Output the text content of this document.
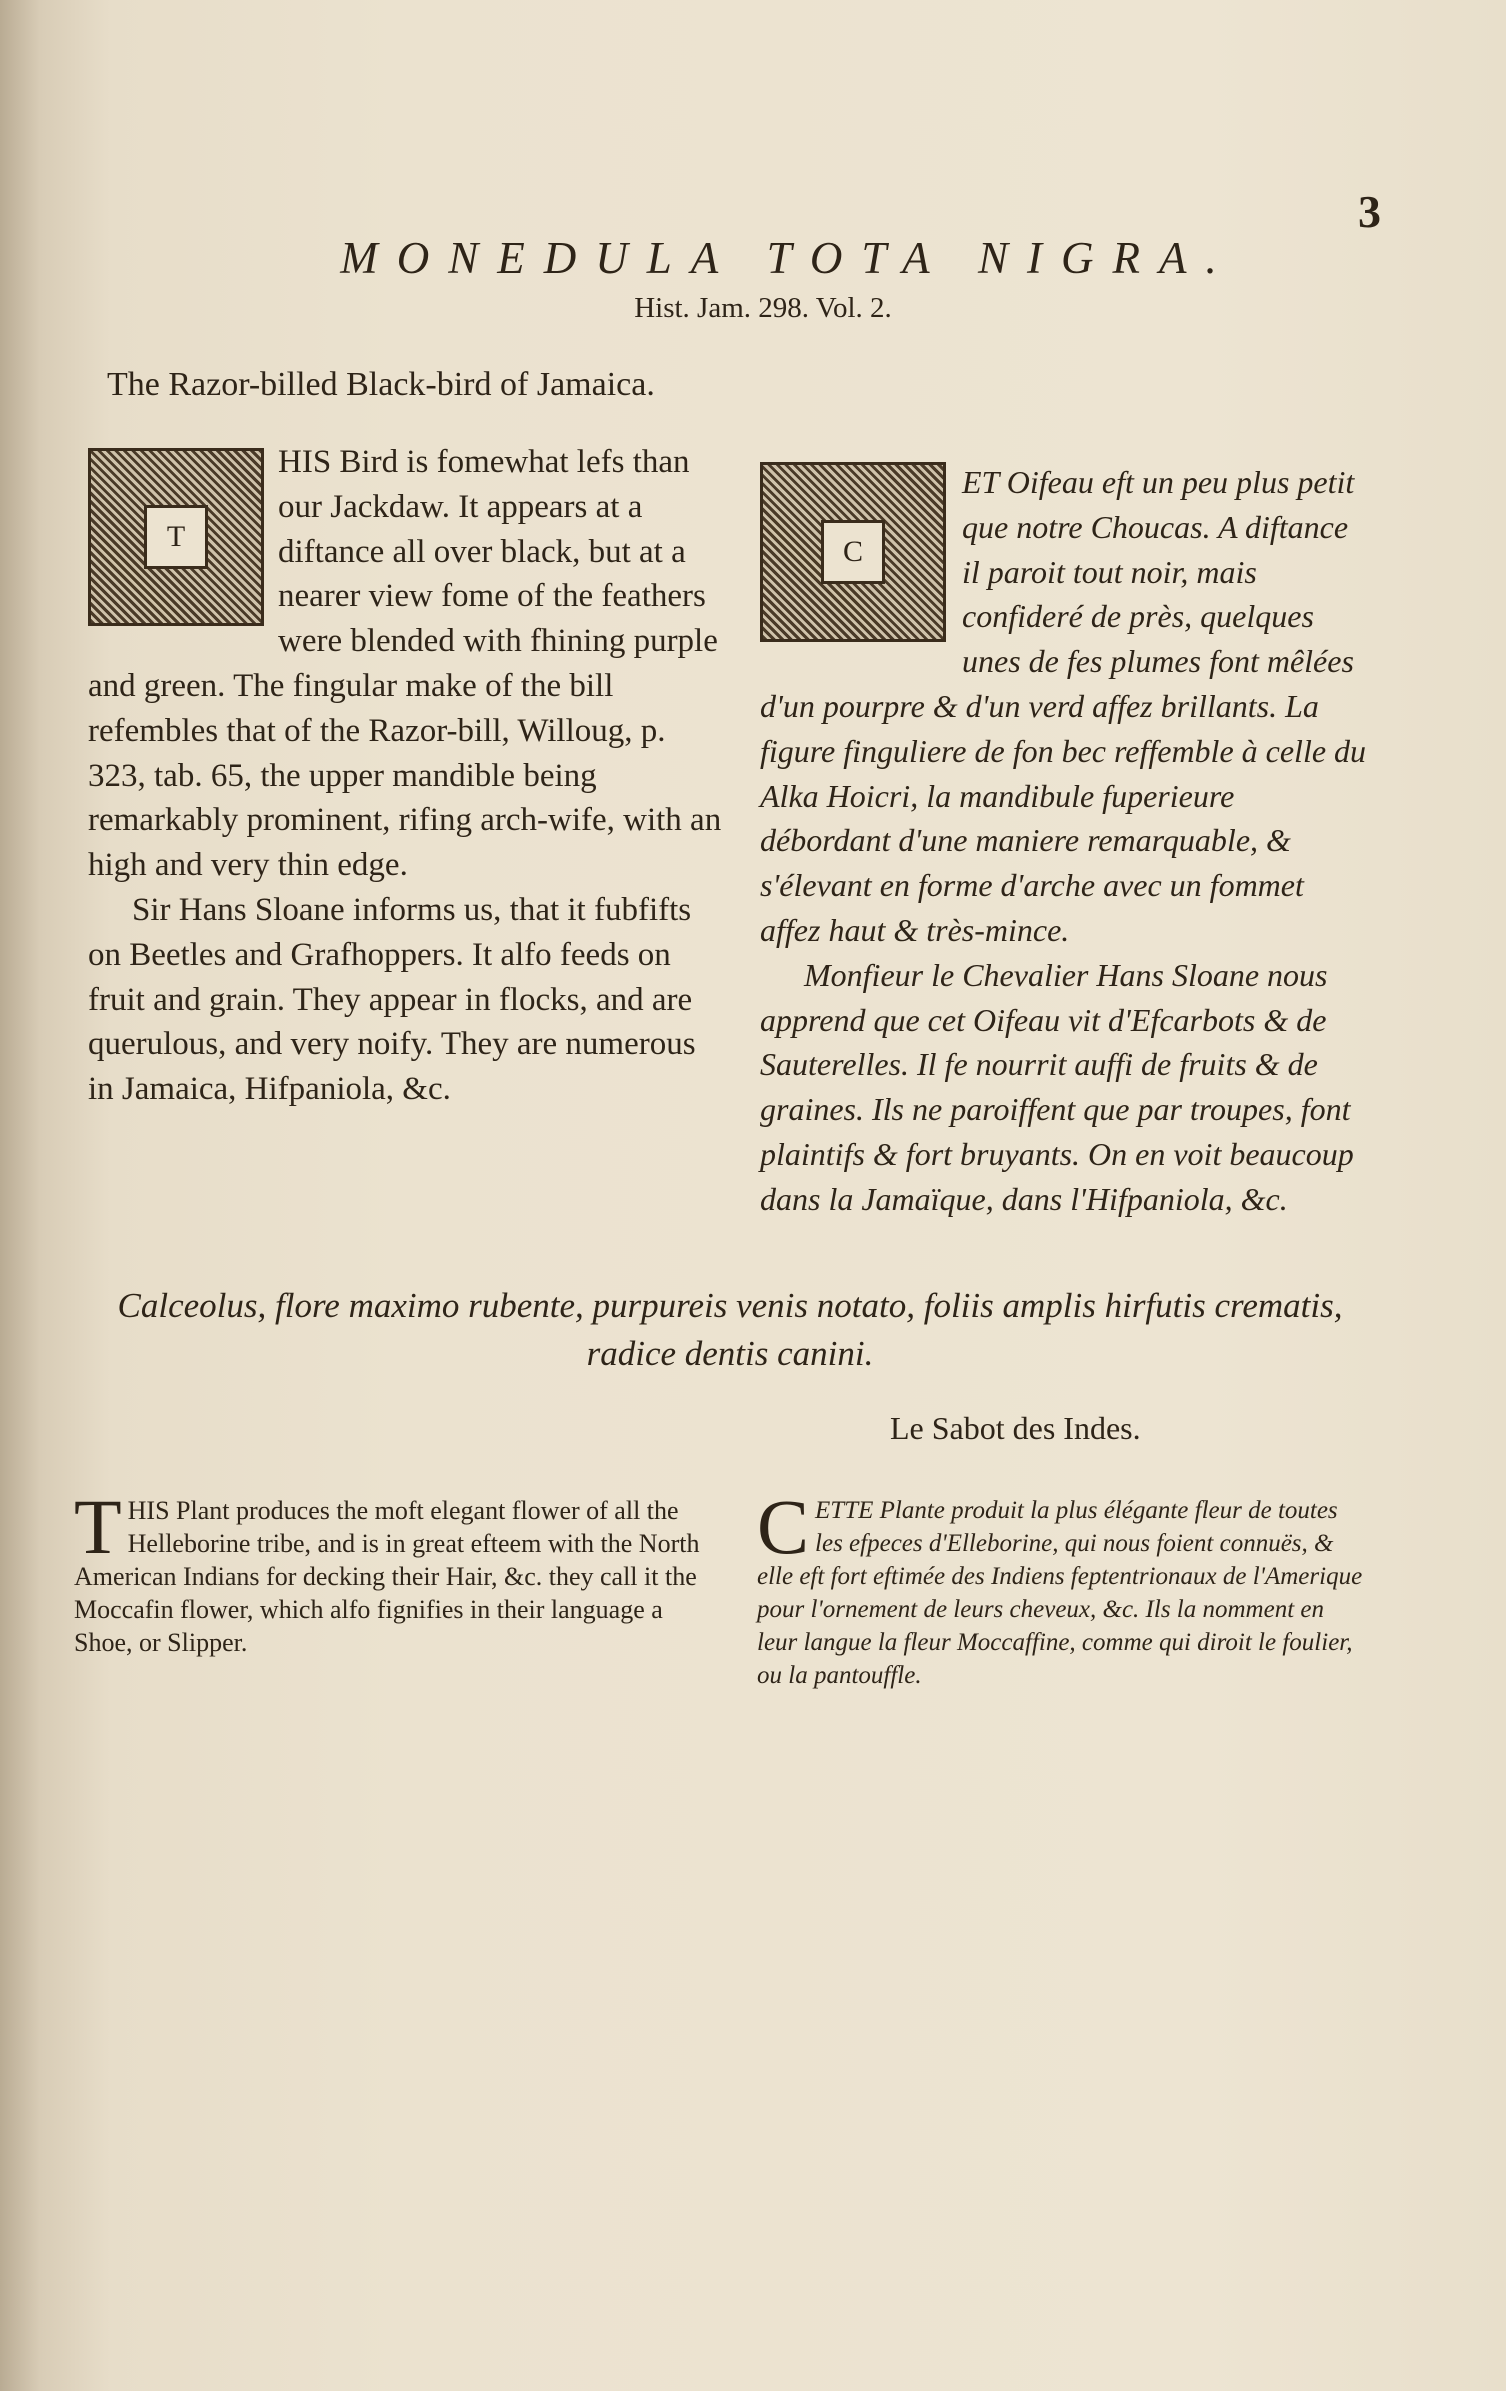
3
MONEDULA TOTA NIGRA.
Hist. Jam. 298. Vol. 2.
The Razor-billed Black-bird of Jamaica.
T

HIS Bird is fomewhat lefs than our Jackdaw. It appears at a diftance all over black, but at a nearer view fome of the feathers were blended with fhining purple and green. The fingular make of the bill refembles that of the Razor-bill, Willoug, p. 323, tab. 65, the upper mandible being remarkably prominent, rifing arch-wife, with an high and very thin edge.

Sir Hans Sloane informs us, that it fubfifts on Beetles and Grafhoppers. It alfo feeds on fruit and grain. They appear in flocks, and are querulous, and very noify. They are numerous in Jamaica, Hifpaniola, &c.

C

ET Oifeau eft un peu plus petit que notre Choucas. A diftance il paroit tout noir, mais confideré de près, quelques unes de fes plumes font mêlées d'un pourpre & d'un verd affez brillants. La figure finguliere de fon bec reffemble à celle du Alka Hoicri, la mandibule fuperieure débordant d'une maniere remarquable, & s'élevant en forme d'arche avec un fommet affez haut & très-mince.

Monfieur le Chevalier Hans Sloane nous apprend que cet Oifeau vit d'Efcarbots & de Sauterelles. Il fe nourrit auffi de fruits & de graines. Ils ne paroiffent que par troupes, font plaintifs & fort bruyants. On en voit beaucoup dans la Jamaïque, dans l'Hifpaniola, &c.

Calceolus, flore maximo rubente, purpureis venis notato, foliis amplis hirfutis crematis,
radice dentis canini.
Le Sabot des Indes.
T HIS Plant produces the moft elegant flower of all the Helleborine tribe, and is in great efteem with the North American Indians for decking their Hair, &c. they call it the Moccafin flower, which alfo fignifies in their language a Shoe, or Slipper.
C ETTE Plante produit la plus élégante fleur de toutes les efpeces d'Elleborine, qui nous foient connuës, & elle eft fort eftimée des Indiens feptentrionaux de l'Amerique pour l'ornement de leurs cheveux, &c. Ils la nomment en leur langue la fleur Moccaffine, comme qui diroit le foulier, ou la pantouffle.
